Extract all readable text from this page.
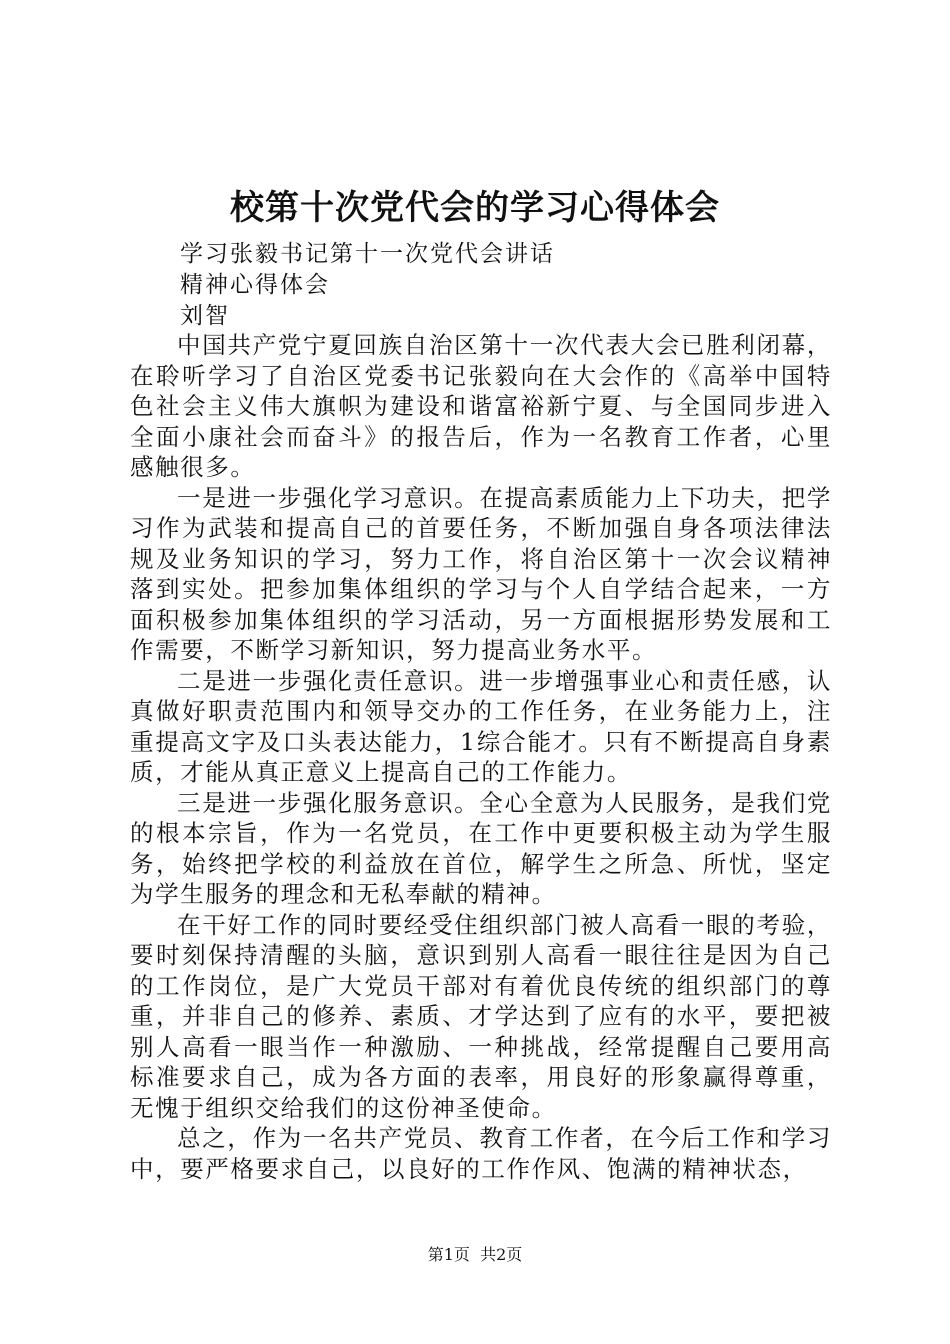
校第十次党代会的学习心得体会
学习张毅书记第十一次党代会讲话
精神心得体会
刘智

中国共产党宁夏回族自治区第十一次代表大会已胜利闭幕，在聆听学习了自治区党委书记张毅向在大会作的《高举中国特色社会主义伟大旗帜为建设和谐富裕新宁夏、与全国同步进入全面小康社会而奋斗》的报告后，作为一名教育工作者，心里感触很多。

一是进一步强化学习意识。在提高素质能力上下功夫，把学习作为武装和提高自己的首要任务，不断加强自身各项法律法规及业务知识的学习，努力工作，将自治区第十一次会议精神落到实处。把参加集体组织的学习与个人自学结合起来，一方面积极参加集体组织的学习活动，另一方面根据形势发展和工作需要，不断学习新知识，努力提高业务水平。

二是进一步强化责任意识。进一步增强事业心和责任感，认真做好职责范围内和领导交办的工作任务，在业务能力上，注重提高文字及口头表达能力，1综合能才。只有不断提高自身素质，才能从真正意义上提高自己的工作能力。

三是进一步强化服务意识。全心全意为人民服务，是我们党的根本宗旨，作为一名党员，在工作中更要积极主动为学生服务，始终把学校的利益放在首位，解学生之所急、所忧，坚定为学生服务的理念和无私奉献的精神。

在干好工作的同时要经受住组织部门被人高看一眼的考验，要时刻保持清醒的头脑，意识到别人高看一眼往往是因为自己的工作岗位，是广大党员干部对有着优良传统的组织部门的尊重，并非自己的修养、素质、才学达到了应有的水平，要把被别人高看一眼当作一种激励、一种挑战，经常提醒自己要用高标准要求自己，成为各方面的表率，用良好的形象赢得尊重，无愧于组织交给我们的这份神圣使命。

总之，作为一名共产党员、教育工作者，在今后工作和学习中，要严格要求自己，以良好的工作作风、饱满的精神状态，

第1页  共2页
